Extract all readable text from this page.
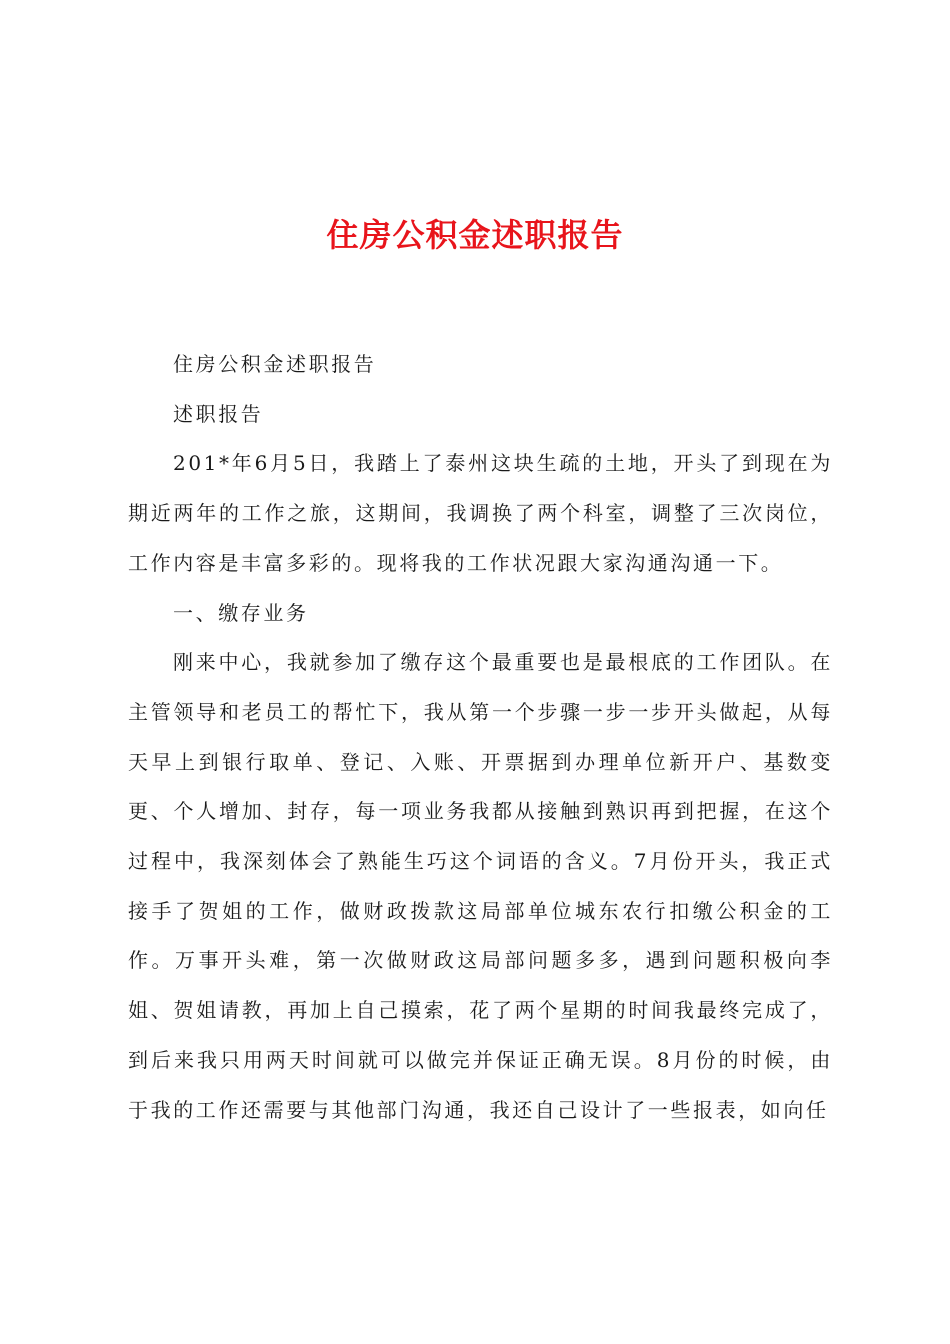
住房公积金述职报告

住房公积金述职报告

述职报告

201*年6月5日，我踏上了泰州这块生疏的土地，开头了到现在为期近两年的工作之旅，这期间，我调换了两个科室，调整了三次岗位，工作内容是丰富多彩的。现将我的工作状况跟大家沟通沟通一下。

一、缴存业务

刚来中心，我就参加了缴存这个最重要也是最根底的工作团队。在主管领导和老员工的帮忙下，我从第一个步骤一步一步开头做起，从每天早上到银行取单、登记、入账、开票据到办理单位新开户、基数变更、个人增加、封存，每一项业务我都从接触到熟识再到把握，在这个过程中，我深刻体会了熟能生巧这个词语的含义。7月份开头，我正式接手了贺姐的工作，做财政拨款这局部单位城东农行扣缴公积金的工作。万事开头难，第一次做财政这局部问题多多，遇到问题积极向李姐、贺姐请教，再加上自己摸索，花了两个星期的时间我最终完成了，到后来我只用两天时间就可以做完并保证正确无误。8月份的时候，由于我的工作还需要与其他部门沟通，我还自己设计了一些报表，如向任
